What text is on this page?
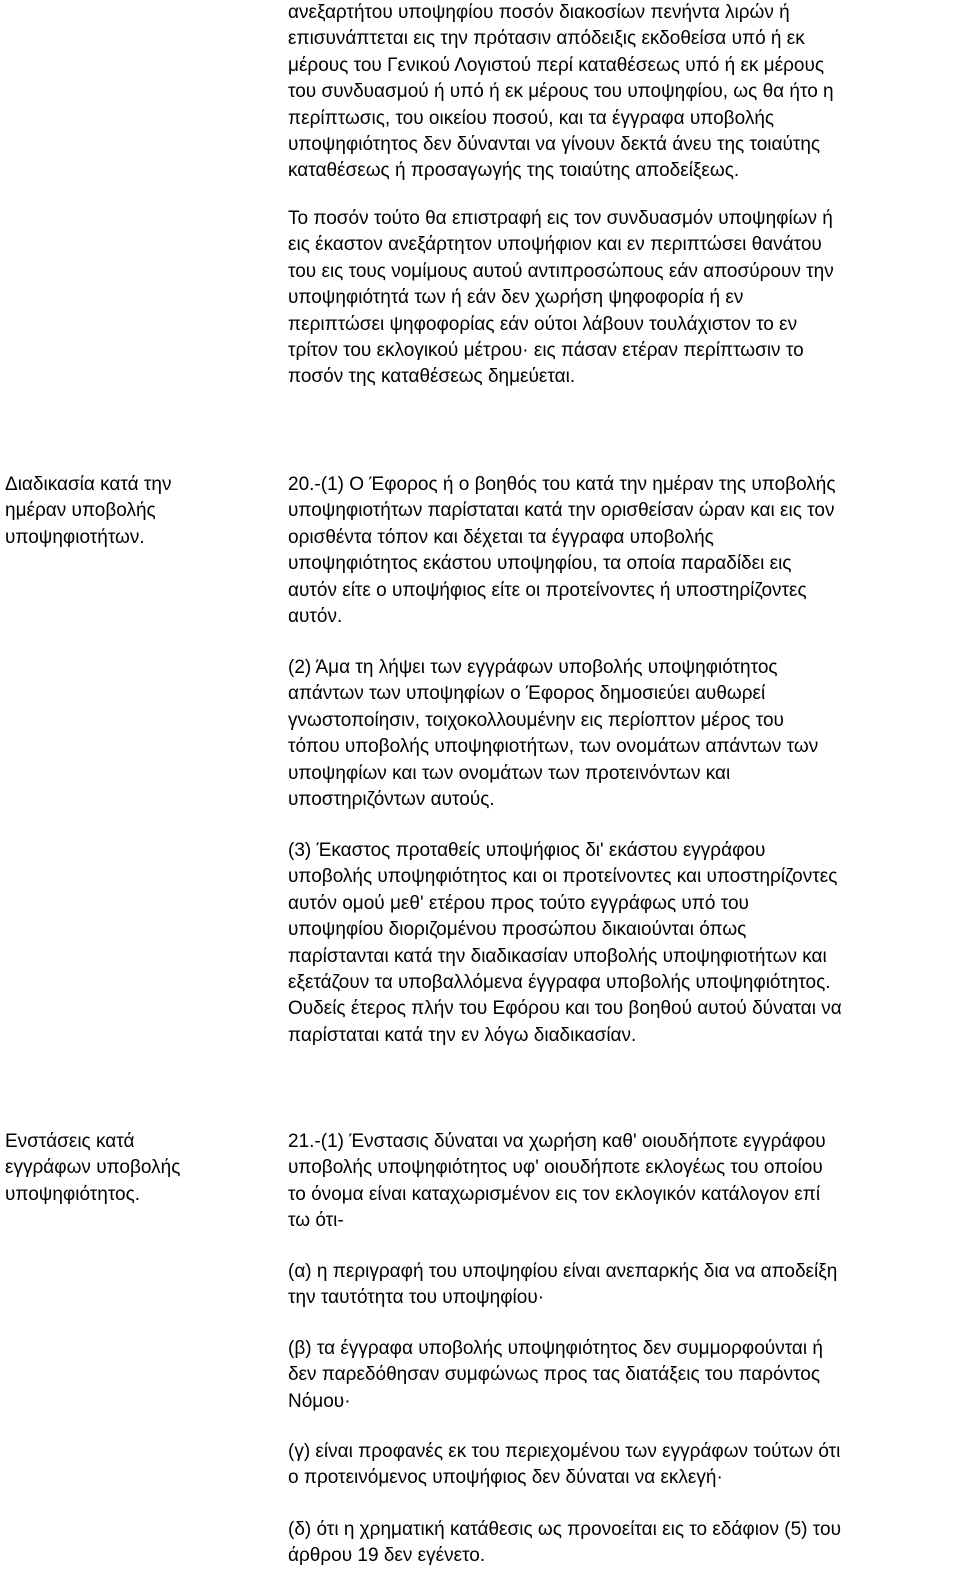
ανεξαρτήτου υποψηφίου ποσόν διακοσίων πενήντα λιρών ή
επισυνάπτεται εις την πρότασιν απόδειξις εκδοθείσα υπό ή εκ
μέρους του Γενικού Λογιστού περί καταθέσεως υπό ή εκ μέρους
του συνδυασμού ή υπό ή εκ μέρους του υποψηφίου, ως θα ήτο η
περίπτωσις, του οικείου ποσού, και τα έγγραφα υποβολής
υποψηφιότητος δεν δύνανται να γίνουν δεκτά άνευ της τοιαύτης
καταθέσεως ή προσαγωγής της τοιαύτης αποδείξεως.

Το ποσόν τούτο θα επιστραφή εις τον συνδυασμόν υποψηφίων ή
εις έκαστον ανεξάρτητον υποψήφιον και εν περιπτώσει θανάτου
του εις τους νομίμους αυτού αντιπροσώπους εάν αποσύρουν την
υποψηφιότητά των ή εάν δεν χωρήση ψηφοφορία ή εν
περιπτώσει ψηφοφορίας εάν ούτοι λάβουν τουλάχιστον το εν
τρίτον του εκλογικού μέτρου· εις πάσαν ετέραν περίπτωσιν το
ποσόν της καταθέσεως δημεύεται.

Διαδικασία κατά την
ημέραν υποβολής
υποψηφιοτήτων.

20.-(1) Ο Έφορος ή ο βοηθός του κατά την ημέραν της υποβολής
υποψηφιοτήτων παρίσταται κατά την ορισθείσαν ώραν και εις τον
ορισθέντα τόπον και δέχεται τα έγγραφα υποβολής
υποψηφιότητος εκάστου υποψηφίου, τα οποία παραδίδει εις
αυτόν είτε ο υποψήφιος είτε οι προτείνοντες ή υποστηρίζοντες
αυτόν.

(2) Άμα τη λήψει των εγγράφων υποβολής υποψηφιότητος
απάντων των υποψηφίων ο Έφορος δημοσιεύει αυθωρεί
γνωστοποίησιν, τοιχοκολλουμένην εις περίοπτον μέρος του
τόπου υποβολής υποψηφιοτήτων, των ονομάτων απάντων των
υποψηφίων και των ονομάτων των προτεινόντων και
υποστηριζόντων αυτούς.

(3) Έκαστος προταθείς υποψήφιος δι' εκάστου εγγράφου
υποβολής υποψηφιότητος και οι προτείνοντες και υποστηρίζοντες
αυτόν ομού μεθ' ετέρου προς τούτο εγγράφως υπό του
υποψηφίου διοριζομένου προσώπου δικαιούνται όπως
παρίστανται κατά την διαδικασίαν υποβολής υποψηφιοτήτων και
εξετάζουν τα υποβαλλόμενα έγγραφα υποβολής υποψηφιότητος.
Ουδείς έτερος πλήν του Εφόρου και του βοηθού αυτού δύναται να
παρίσταται κατά την εν λόγω διαδικασίαν.

Ενστάσεις κατά
εγγράφων υποβολής
υποψηφιότητος.

21.-(1) Ένστασις δύναται να χωρήση καθ' οιουδήποτε εγγράφου
υποβολής υποψηφιότητος υφ' οιουδήποτε εκλογέως του οποίου
το όνομα είναι καταχωρισμένον εις τον εκλογικόν κατάλογον επί
τω ότι-

(α) η περιγραφή του υποψηφίου είναι ανεπαρκής δια να αποδείξη
την ταυτότητα του υποψηφίου·

(β) τα έγγραφα υποβολής υποψηφιότητος δεν συμμορφούνται ή
δεν παρεδόθησαν συμφώνως προς τας διατάξεις του παρόντος
Νόμου·

(γ) είναι προφανές εκ του περιεχομένου των εγγράφων τούτων ότι
ο προτεινόμενος υποψήφιος δεν δύναται να εκλεγή·

(δ) ότι η χρηματική κατάθεσις ως προνοείται εις το εδάφιον (5) του
άρθρου 19 δεν εγένετο.
